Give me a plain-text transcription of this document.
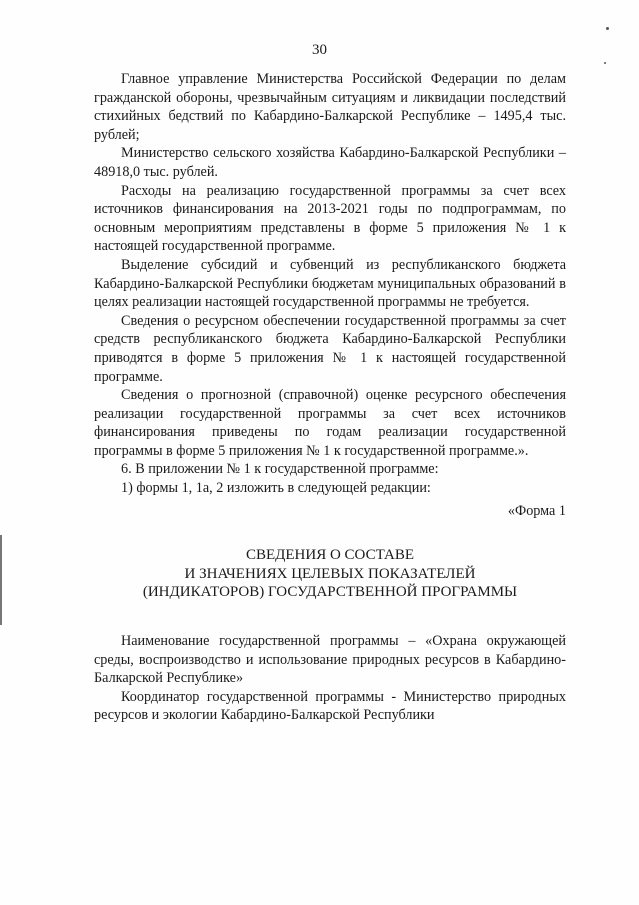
30

Главное управление Министерства Российской Федерации по делам гражданской обороны, чрезвычайным ситуациям и ликвидации последствий стихийных бедствий по Кабардино-Балкарской Республике – 1495,4 тыс. рублей;

Министерство сельского хозяйства Кабардино-Балкарской Республики – 48918,0 тыс. рублей.

Расходы на реализацию государственной программы за счет всех источников финансирования на 2013-2021 годы по подпрограммам, по основным мероприятиям представлены в форме 5 приложения № 1 к настоящей государственной программе.

Выделение субсидий и субвенций из республиканского бюджета Кабардино-Балкарской Республики бюджетам муниципальных образований в целях реализации настоящей государственной программы не требуется.

Сведения о ресурсном обеспечении государственной программы за счет средств республиканского бюджета Кабардино-Балкарской Республики приводятся в форме 5 приложения № 1 к настоящей государственной программе.

Сведения о прогнозной (справочной) оценке ресурсного обеспечения реализации государственной программы за счет всех источников финансирования приведены по годам реализации государственной программы в форме 5 приложения № 1 к государственной программе.».

6. В приложении № 1 к государственной программе:

1) формы 1, 1а, 2 изложить в следующей редакции:

«Форма 1

СВЕДЕНИЯ О СОСТАВЕ
И ЗНАЧЕНИЯХ ЦЕЛЕВЫХ ПОКАЗАТЕЛЕЙ
(ИНДИКАТОРОВ) ГОСУДАРСТВЕННОЙ ПРОГРАММЫ

Наименование государственной программы – «Охрана окружающей среды, воспроизводство и использование природных ресурсов в Кабардино-Балкарской Республике»

Координатор государственной программы - Министерство природных ресурсов и экологии Кабардино-Балкарской Республики
